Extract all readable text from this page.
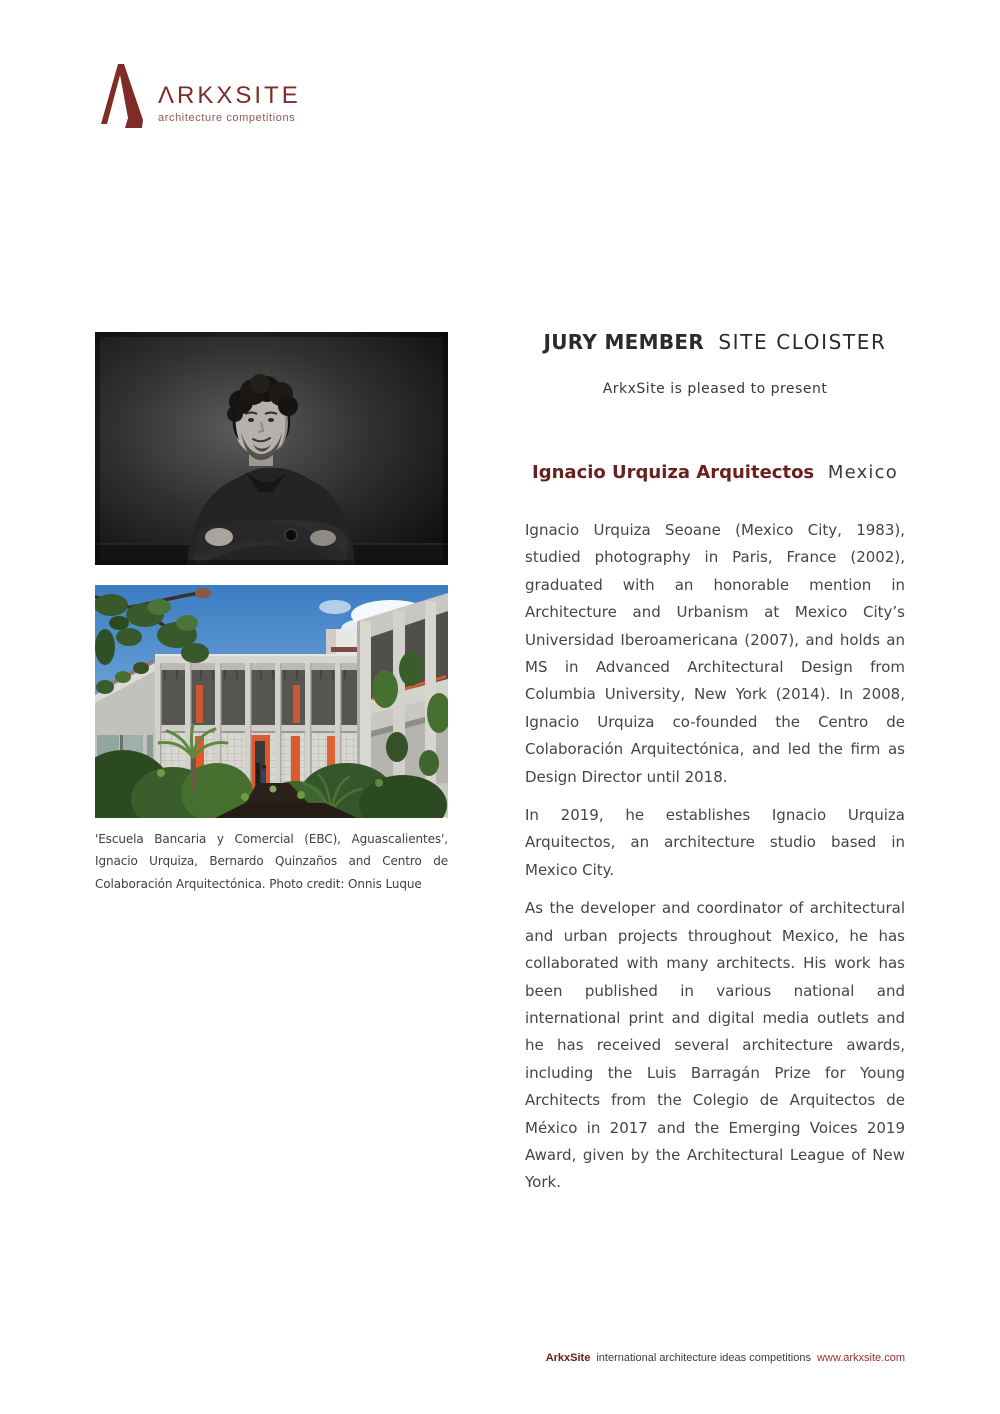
ΛRKXSITE
architecture competitions
'Escuela Bancaria y Comercial (EBC), Aguascalientes', Ignacio Urquiza, Bernardo Quinzaños and Centro de Colaboración Arquitectónica. Photo credit: Onnis Luque
JURY MEMBER SITE CLOISTER
ArkxSite is pleased to present
Ignacio Urquiza Arquitectos Mexico

Ignacio Urquiza Seoane (Mexico City, 1983), studied photography in Paris, France (2002), graduated with an honorable mention in Architecture and Urbanism at Mexico City’s Universidad Iberoamericana (2007), and holds an MS in Advanced Architectural Design from Columbia University, New York (2014). In 2008, Ignacio Urquiza co-founded the Centro de Colaboración Arquitectónica, and led the firm as Design Director until 2018.

In 2019, he establishes Ignacio Urquiza Arquitectos, an architecture studio based in Mexico City.

As the developer and coordinator of architectural and urban projects throughout Mexico, he has collaborated with many architects. His work has been published in various national and international print and digital media outlets and he has received several architecture awards, including the Luis Barragán Prize for Young Architects from the Colegio de Arquitectos de México in 2017 and the Emerging Voices 2019 Award, given by the Architectural League of New York.

ArkxSite international architecture ideas competitions www.arkxsite.com
